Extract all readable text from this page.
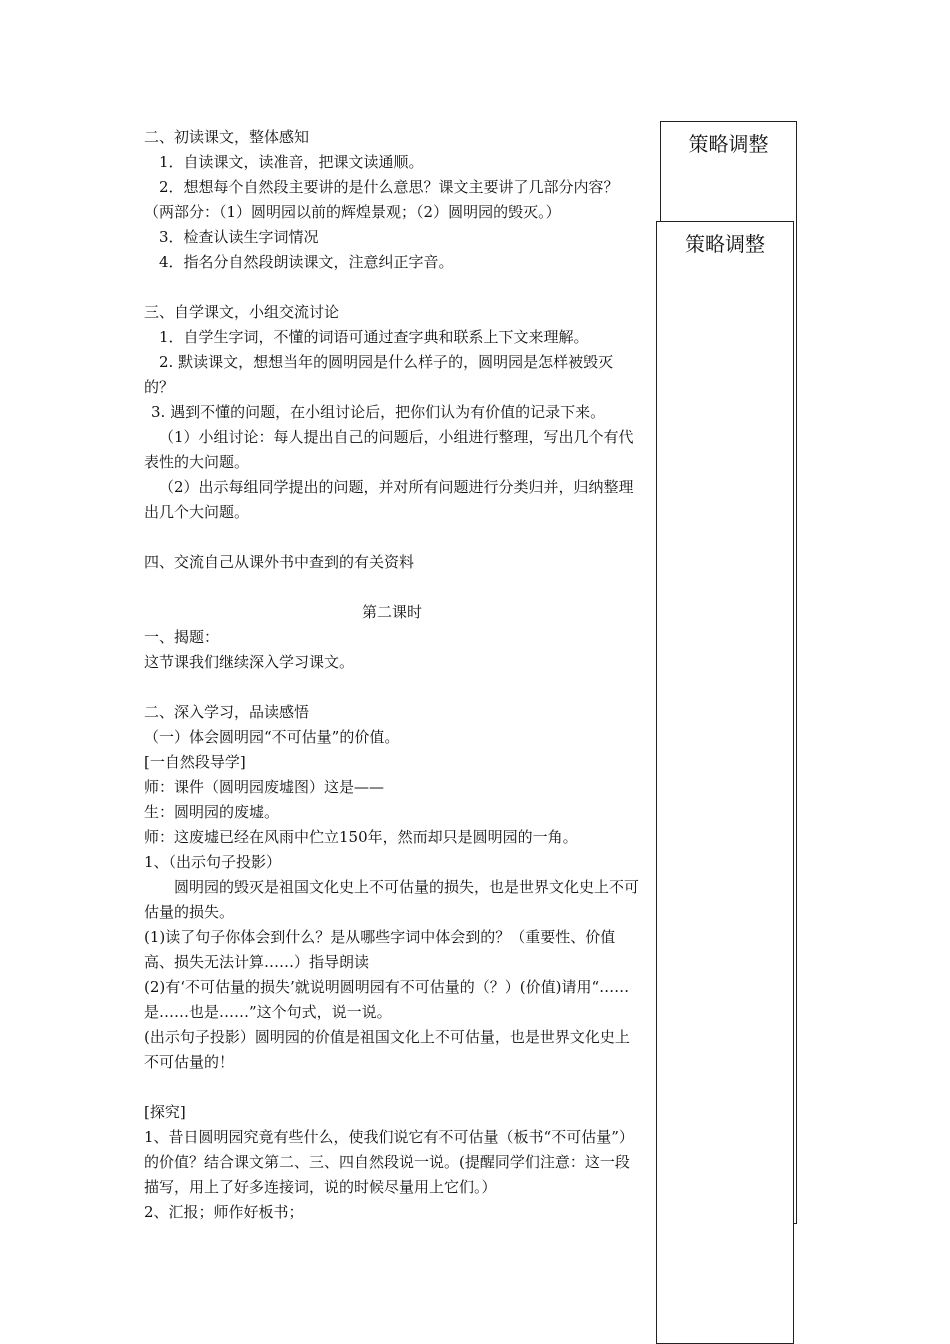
策略调整
策略调整

二、初读课文，整体感知

1．自读课文，读准音，把课文读通顺。

2．想想每个自然段主要讲的是什么意思？课文主要讲了几部分内容？（两部分：（1）圆明园以前的辉煌景观；（2）圆明园的毁灭。）

3．检查认读生字词情况

4．指名分自然段朗读课文，注意纠正字音。

三、自学课文，小组交流讨论

1．自学生字词，不懂的词语可通过查字典和联系上下文来理解。

2. 默读课文，想想当年的圆明园是什么样子的，圆明园是怎样被毁灭的？

3. 遇到不懂的问题，在小组讨论后，把你们认为有价值的记录下来。

（1）小组讨论：每人提出自己的问题后，小组进行整理，写出几个有代表性的大问题。

（2）出示每组同学提出的问题，并对所有问题进行分类归并，归纳整理出几个大问题。

四、交流自己从课外书中查到的有关资料

第二课时

一、揭题：

这节课我们继续深入学习课文。

二、深入学习，品读感悟

（一）体会圆明园“不可估量”的价值。

[一自然段导学]

师：课件（圆明园废墟图）这是——

生：圆明园的废墟。

师：这废墟已经在风雨中伫立150年，然而却只是圆明园的一角。

1、（出示句子投影）

圆明园的毁灭是祖国文化史上不可估量的损失，也是世界文化史上不可估量的损失。

(1)读了句子你体会到什么？是从哪些字词中体会到的？（重要性、价值高、损失无法计算……）指导朗读

(2)有‘不可估量的损失’就说明圆明园有不可估量的（？）(价值)请用“……是……也是……”这个句式，说一说。

(出示句子投影）圆明园的价值是祖国文化上不可估量，也是世界文化史上不可估量的！

[探究]

1、昔日圆明园究竟有些什么，使我们说它有不可估量（板书“不可估量”）的价值？结合课文第二、三、四自然段说一说。(提醒同学们注意：这一段描写，用上了好多连接词，说的时候尽量用上它们。）

2、汇报；师作好板书；
